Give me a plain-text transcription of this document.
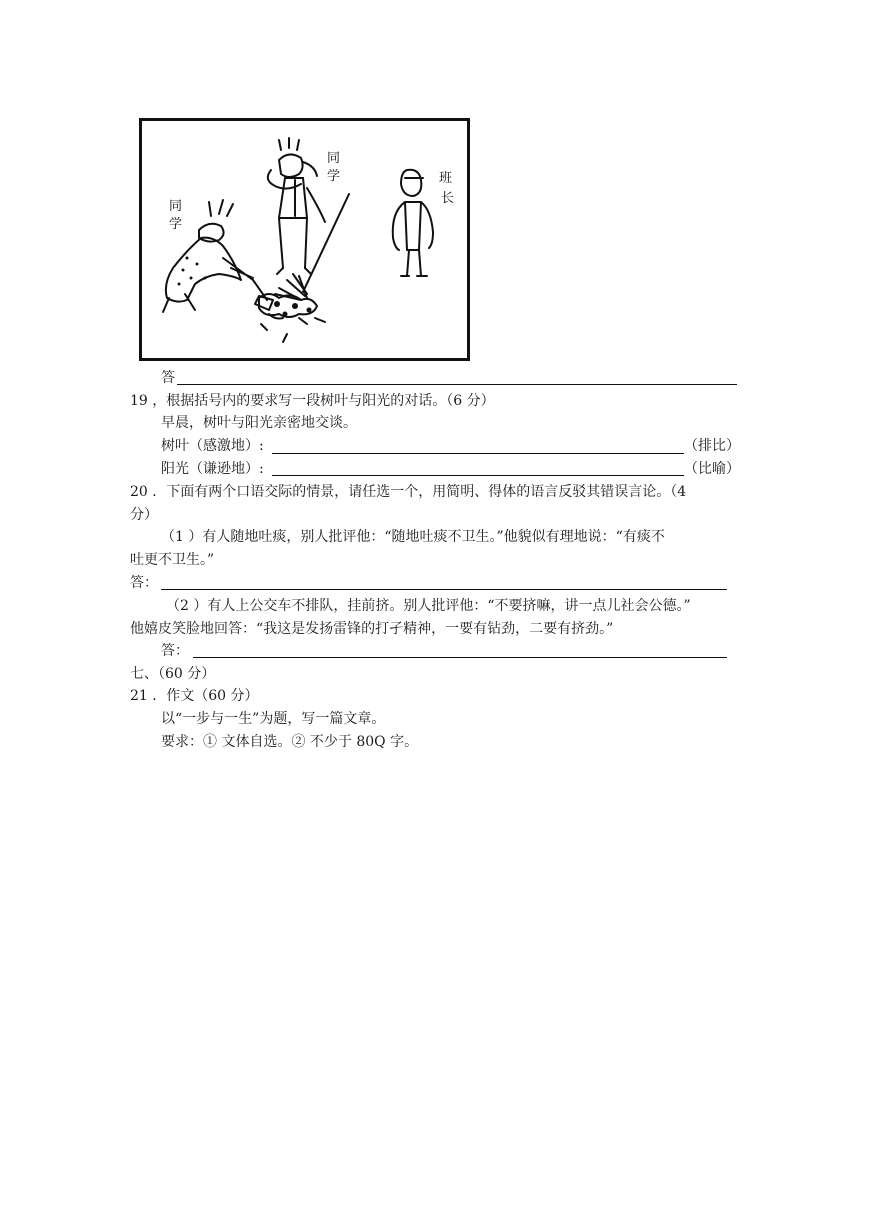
同
学
同
学	班
长
答
19 ，根据括号内的要求写一段树叶与阳光的对话。（6 分）
早晨，树叶与阳光亲密地交谈。
树叶（感激地）:	（排比）
阳光（谦逊地）:	（比喻）
20 ．下面有两个口语交际的情景，请任选一个，用简明、得体的语言反驳其错误言论。（4
分）
（1 ）有人随地吐痰，别人批评他：“随地吐痰不卫生。”他貌似有理地说：“有痰不
吐更不卫生。”
答：
（2 ）有人上公交车不排队，挂前挤。别人批评他：“不要挤嘛，讲一点儿社会公德。”
他嬉皮笑脸地回答：“我这是发扬雷锋的打孑精神，一要有钻劲，二要有挤劲。”
答：
七、（60 分）
21 ．作文（60 分）
以“一步与一生”为题，写一篇文章。
要求：① 文体自选。② 不少于 80Q 字。
